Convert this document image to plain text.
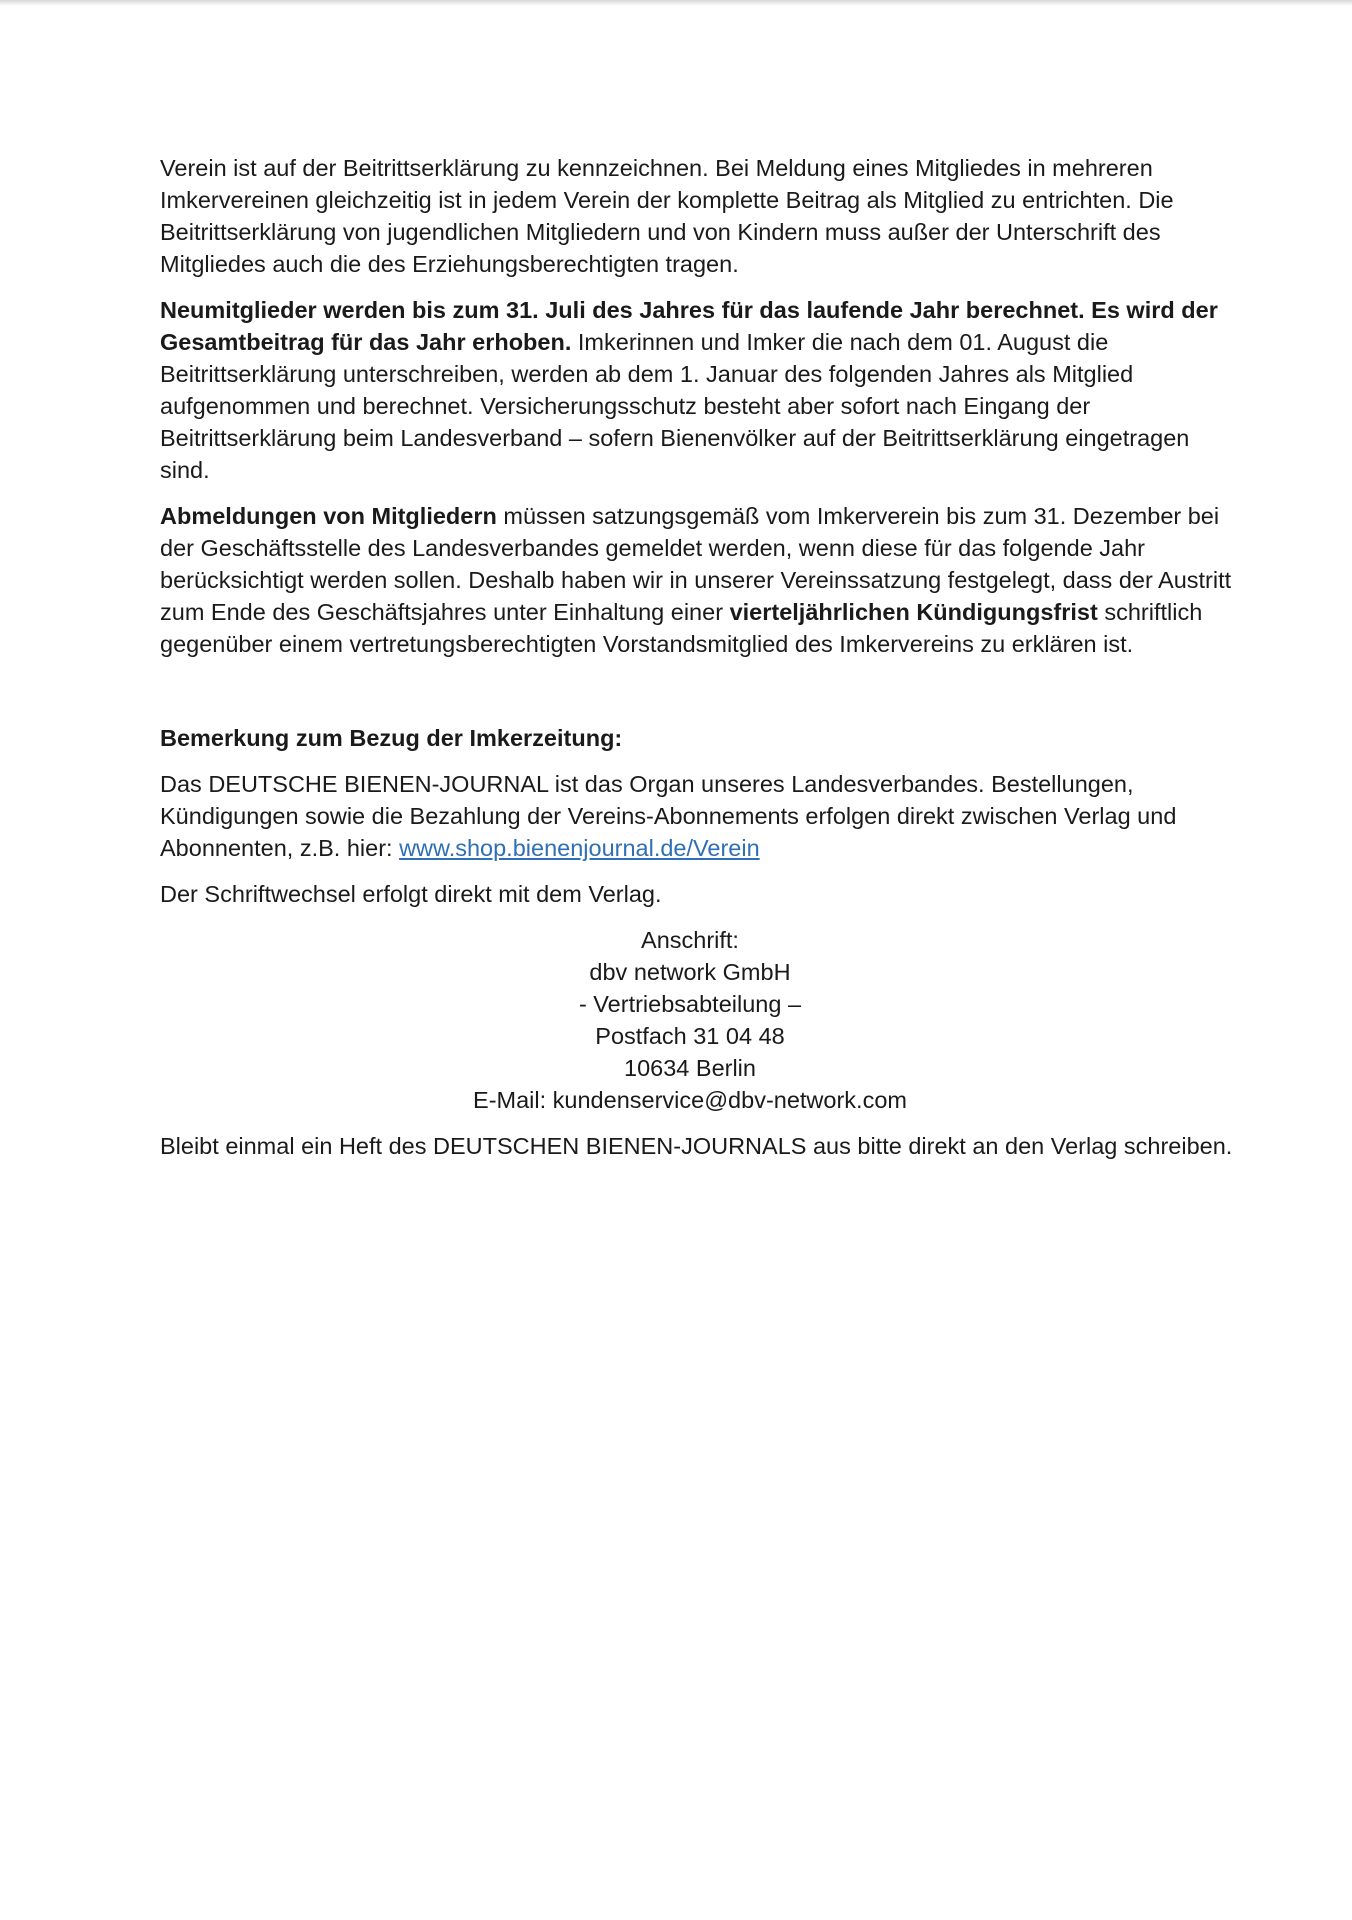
Verein ist auf der Beitrittserklärung zu kennzeichnen. Bei Meldung eines Mitgliedes in mehreren Imkervereinen gleichzeitig ist in jedem Verein der komplette Beitrag als Mitglied zu entrichten. Die Beitrittserklärung von jugendlichen Mitgliedern und von Kindern muss außer der Unterschrift des Mitgliedes auch die des Erziehungsberechtigten tragen.

Neumitglieder werden bis zum 31. Juli des Jahres für das laufende Jahr berechnet. Es wird der Gesamtbeitrag für das Jahr erhoben. Imkerinnen und Imker die nach dem 01. August die Beitrittserklärung unterschreiben, werden ab dem 1. Januar des folgenden Jahres als Mitglied aufgenommen und berechnet. Versicherungsschutz besteht aber sofort nach Eingang der Beitrittserklärung beim Landesverband – sofern Bienenvölker auf der Beitrittserklärung eingetragen sind.

Abmeldungen von Mitgliedern müssen satzungsgemäß vom Imkerverein bis zum 31. Dezember bei der Geschäftsstelle des Landesverbandes gemeldet werden, wenn diese für das folgende Jahr berücksichtigt werden sollen. Deshalb haben wir in unserer Vereinssatzung festgelegt, dass der Austritt zum Ende des Geschäftsjahres unter Einhaltung einer vierteljährlichen Kündigungsfrist schriftlich gegenüber einem vertretungsberechtigten Vorstandsmitglied des Imkervereins zu erklären ist.

Bemerkung zum Bezug der Imkerzeitung:

Das DEUTSCHE BIENEN-JOURNAL ist das Organ unseres Landesverbandes. Bestellungen, Kündigungen sowie die Bezahlung der Vereins-Abonnements erfolgen direkt zwischen Verlag und Abonnenten, z.B. hier: www.shop.bienenjournal.de/Verein

Der Schriftwechsel erfolgt direkt mit dem Verlag.

Anschrift:
dbv network GmbH
- Vertriebsabteilung –
Postfach 31 04 48
10634 Berlin
E-Mail: kundenservice@dbv-network.com

Bleibt einmal ein Heft des DEUTSCHEN BIENEN-JOURNALS aus bitte direkt an den Verlag schreiben.
